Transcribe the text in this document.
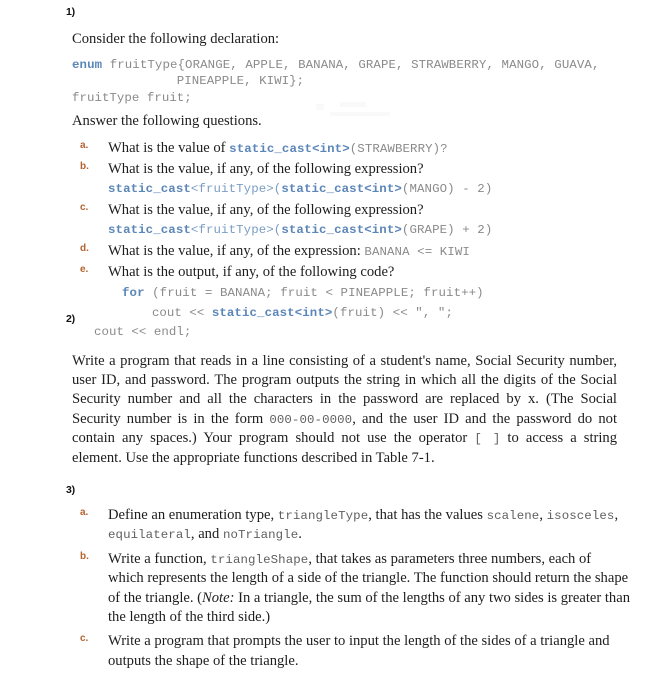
1)

Consider the following declaration:

enum fruitType{ORANGE, APPLE, BANANA, GRAPE, STRAWBERRY, MANGO, GUAVA,
PINEAPPLE, KIWI};
fruitType fruit;

Answer the following questions.

a. What is the value of static_cast<int>(STRAWBERRY)?
b. What is the value, if any, of the following expression?
static_cast<fruitType>(static_cast<int>(MANGO) - 2)
c. What is the value, if any, of the following expression?
static_cast<fruitType>(static_cast<int>(GRAPE) + 2)
d. What is the value, if any, of the expression: BANANA <= KIWI
e. What is the output, if any, of the following code?
for (fruit = BANANA; fruit < PINEAPPLE; fruit++)
cout << static_cast<int>(fruit) << ", ";
cout << endl;
2)

Write a program that reads in a line consisting of a student's name, Social Security number, user ID, and password. The program outputs the string in which all the digits of the Social Security number and all the characters in the password are replaced by x. (The Social Security number is in the form 000-00-0000, and the user ID and the password do not contain any spaces.) Your program should not use the operator [ ] to access a string element. Use the appropriate functions described in Table 7-1.

3)
a. Define an enumeration type, triangleType, that has the values scalene, isosceles, equilateral, and noTriangle.
b. Write a function, triangleShape, that takes as parameters three numbers, each of which represents the length of a side of the triangle. The function should return the shape of the triangle. (Note: In a triangle, the sum of the lengths of any two sides is greater than the length of the third side.)
c. Write a program that prompts the user to input the length of the sides of a triangle and outputs the shape of the triangle.
